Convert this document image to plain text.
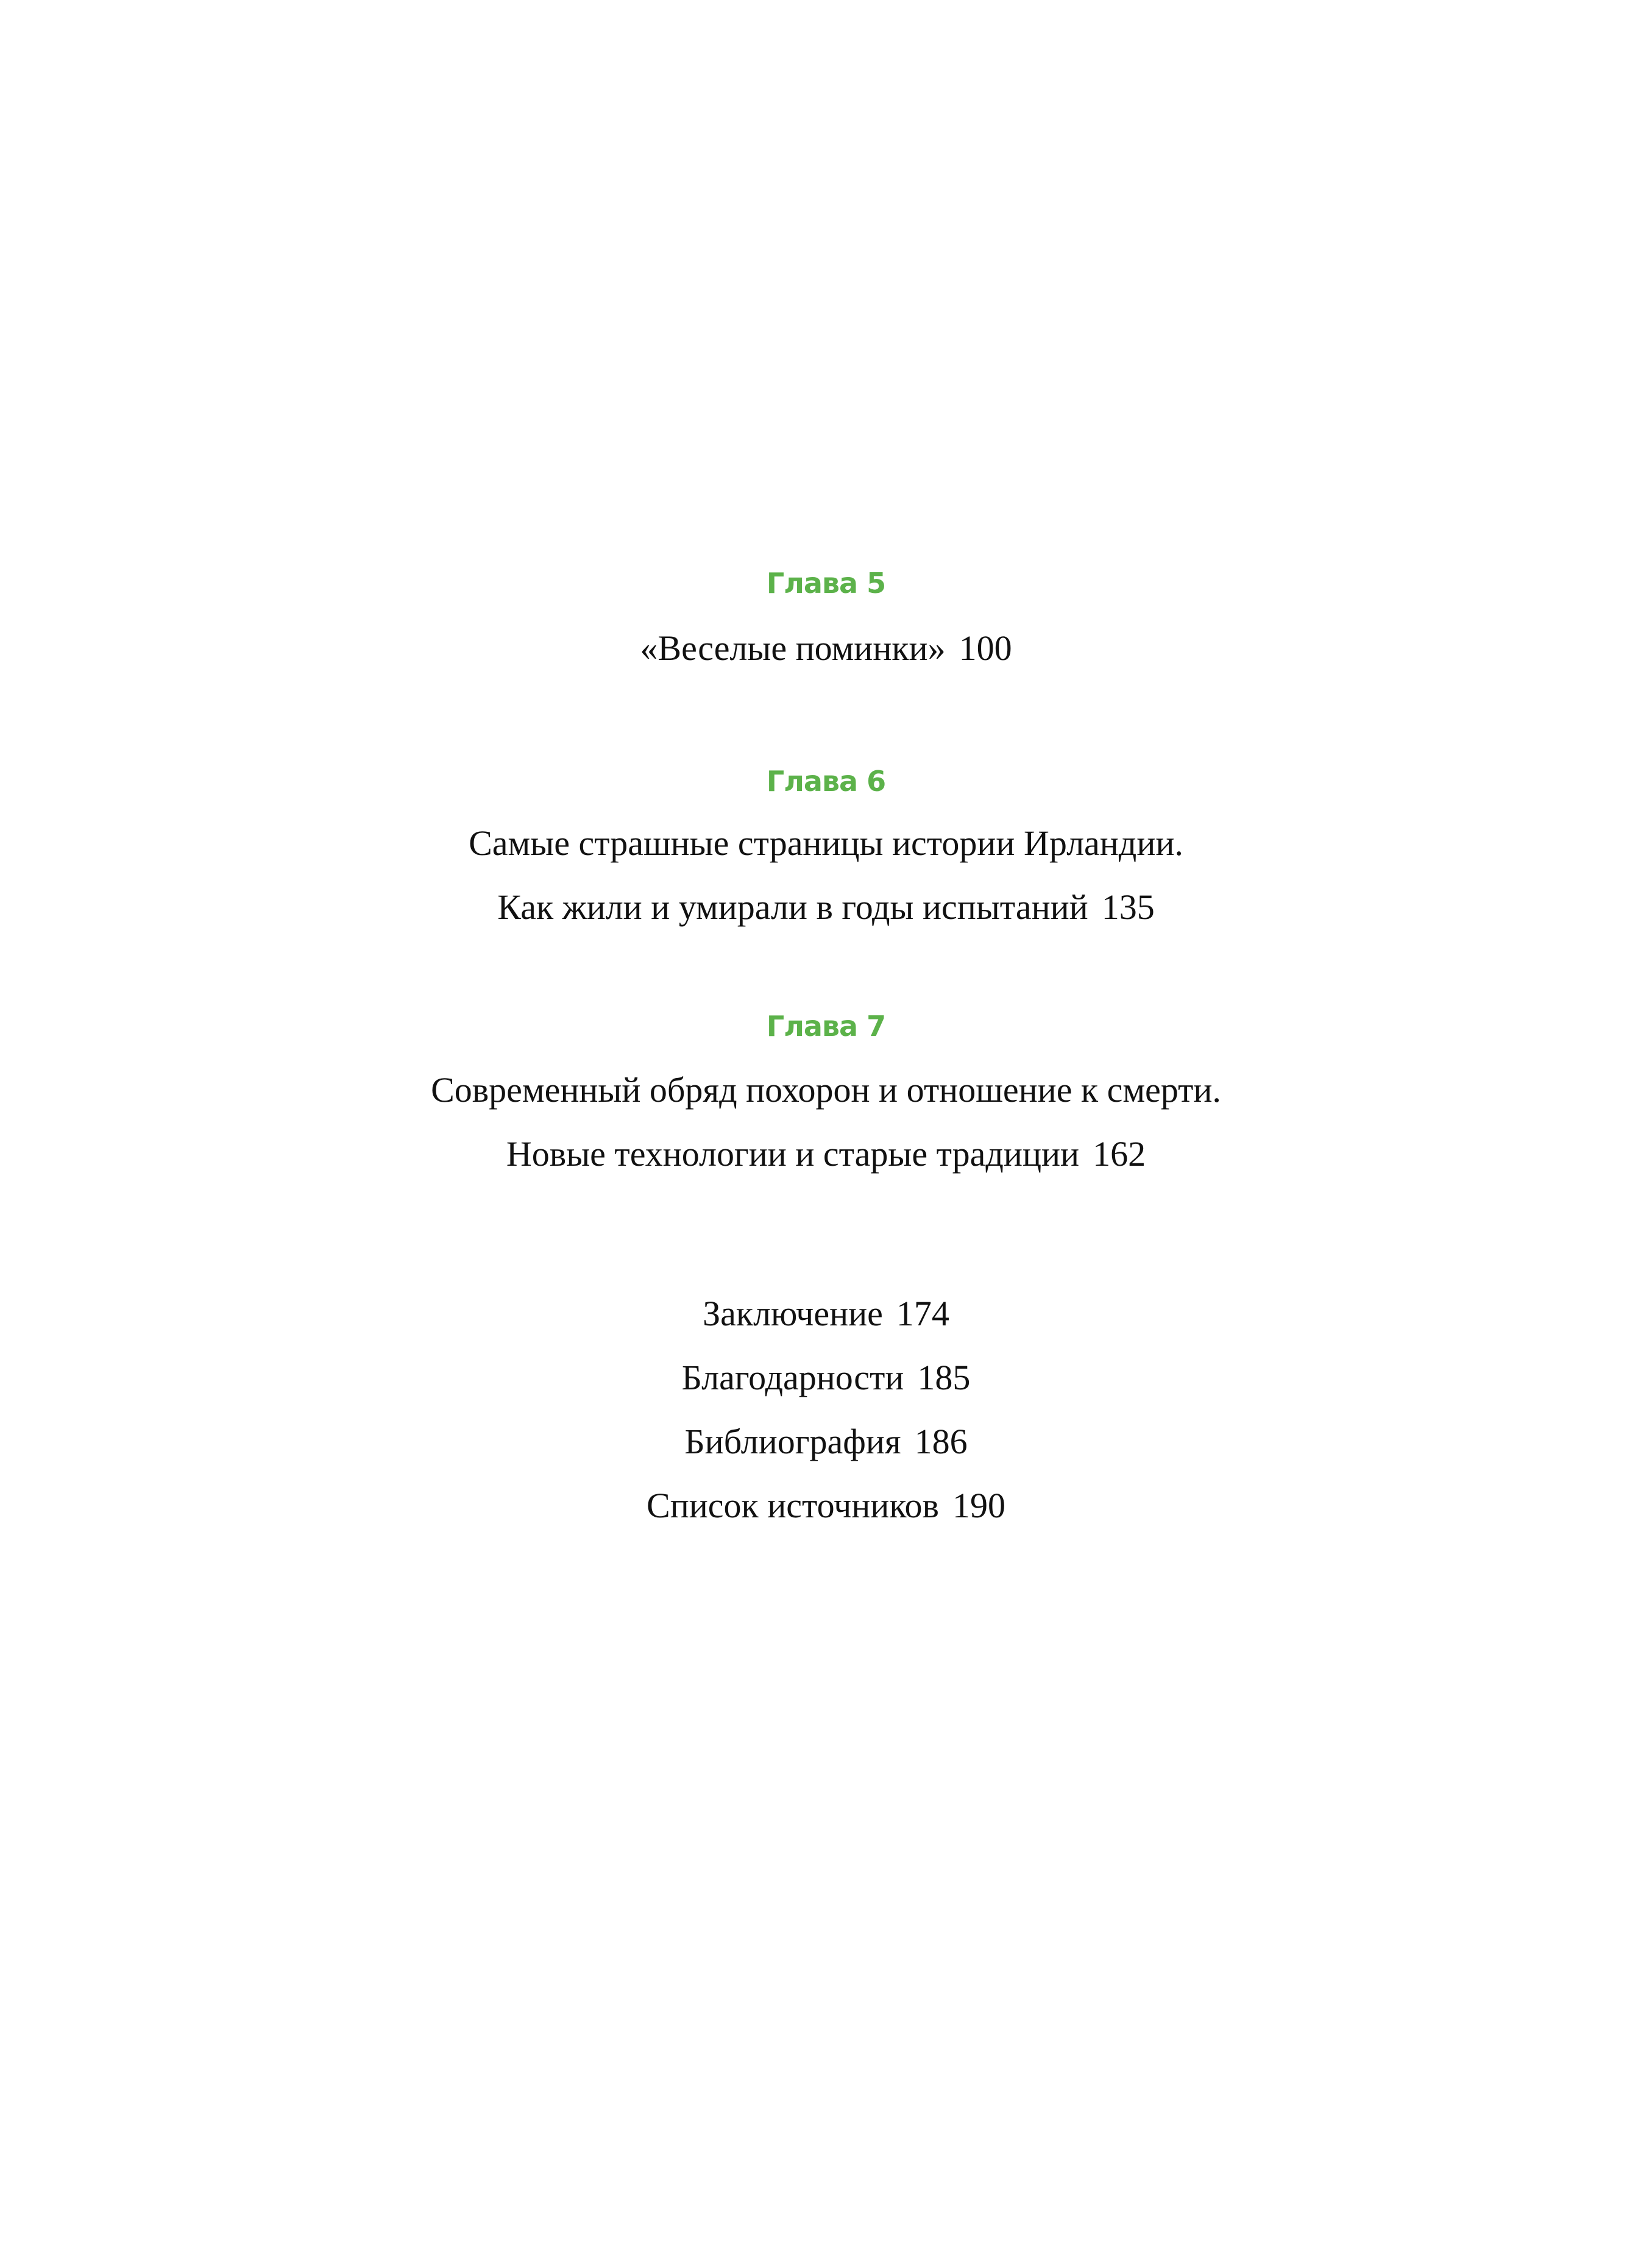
Глава 5
«Веселые поминки» 100
Глава 6
Самые страшные страницы истории Ирландии.
Как жили и умирали в годы испытаний 135
Глава 7
Современный обряд похорон и отношение к смерти.
Новые технологии и старые традиции 162
Заключение 174
Благодарности 185
Библиография 186
Список источников 190
